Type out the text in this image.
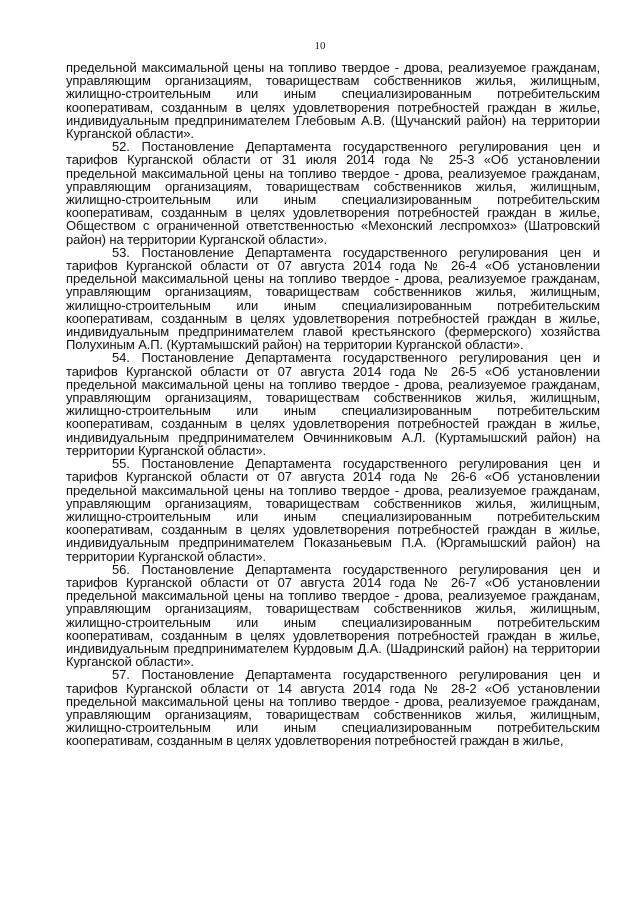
10

предельной максимальной цены на топливо твердое - дрова, реализуемое гражданам, управляющим организациям, товариществам собственников жилья, жилищным, жилищно-строительным или иным специализированным потребительским кооперативам, созданным в целях удовлетворения потребностей граждан в жилье, индивидуальным предпринимателем Глебовым А.В. (Щучанский район) на территории Курганской области».

52. Постановление Департамента государственного регулирования цен и тарифов Курганской области от 31 июля 2014 года № 25-3 «Об установлении предельной максимальной цены на топливо твердое - дрова, реализуемое гражданам, управляющим организациям, товариществам собственников жилья, жилищным, жилищно-строительным или иным специализированным потребительским кооперативам, созданным в целях удовлетворения потребностей граждан в жилье, Обществом с ограниченной ответственностью «Мехонский леспромхоз» (Шатровский район) на территории Курганской области».

53. Постановление Департамента государственного регулирования цен и тарифов Курганской области от 07 августа 2014 года № 26-4 «Об установлении предельной максимальной цены на топливо твердое - дрова, реализуемое гражданам, управляющим организациям, товариществам собственников жилья, жилищным, жилищно-строительным или иным специализированным потребительским кооперативам, созданным в целях удовлетворения потребностей граждан в жилье, индивидуальным предпринимателем главой крестьянского (фермерского) хозяйства Полухиным А.П. (Куртамышский район) на территории Курганской области».

54. Постановление Департамента государственного регулирования цен и тарифов Курганской области от 07 августа 2014 года № 26-5 «Об установлении предельной максимальной цены на топливо твердое - дрова, реализуемое гражданам, управляющим организациям, товариществам собственников жилья, жилищным, жилищно-строительным или иным специализированным потребительским кооперативам, созданным в целях удовлетворения потребностей граждан в жилье, индивидуальным предпринимателем Овчинниковым А.Л. (Куртамышский район) на территории Курганской области».

55. Постановление Департамента государственного регулирования цен и тарифов Курганской области от 07 августа 2014 года № 26-6 «Об установлении предельной максимальной цены на топливо твердое - дрова, реализуемое гражданам, управляющим организациям, товариществам собственников жилья, жилищным, жилищно-строительным или иным специализированным потребительским кооперативам, созданным в целях удовлетворения потребностей граждан в жилье, индивидуальным предпринимателем Показаньевым П.А. (Юргамышский район) на территории Курганской области».

56. Постановление Департамента государственного регулирования цен и тарифов Курганской области от 07 августа 2014 года № 26-7 «Об установлении предельной максимальной цены на топливо твердое - дрова, реализуемое гражданам, управляющим организациям, товариществам собственников жилья, жилищным, жилищно-строительным или иным специализированным потребительским кооперативам, созданным в целях удовлетворения потребностей граждан в жилье, индивидуальным предпринимателем Курдовым Д.А. (Шадринский район) на территории Курганской области».

57. Постановление Департамента государственного регулирования цен и тарифов Курганской области от 14 августа 2014 года № 28-2 «Об установлении предельной максимальной цены на топливо твердое - дрова, реализуемое гражданам, управляющим организациям, товариществам собственников жилья, жилищным, жилищно-строительным или иным специализированным потребительским кооперативам, созданным в целях удовлетворения потребностей граждан в жилье,
